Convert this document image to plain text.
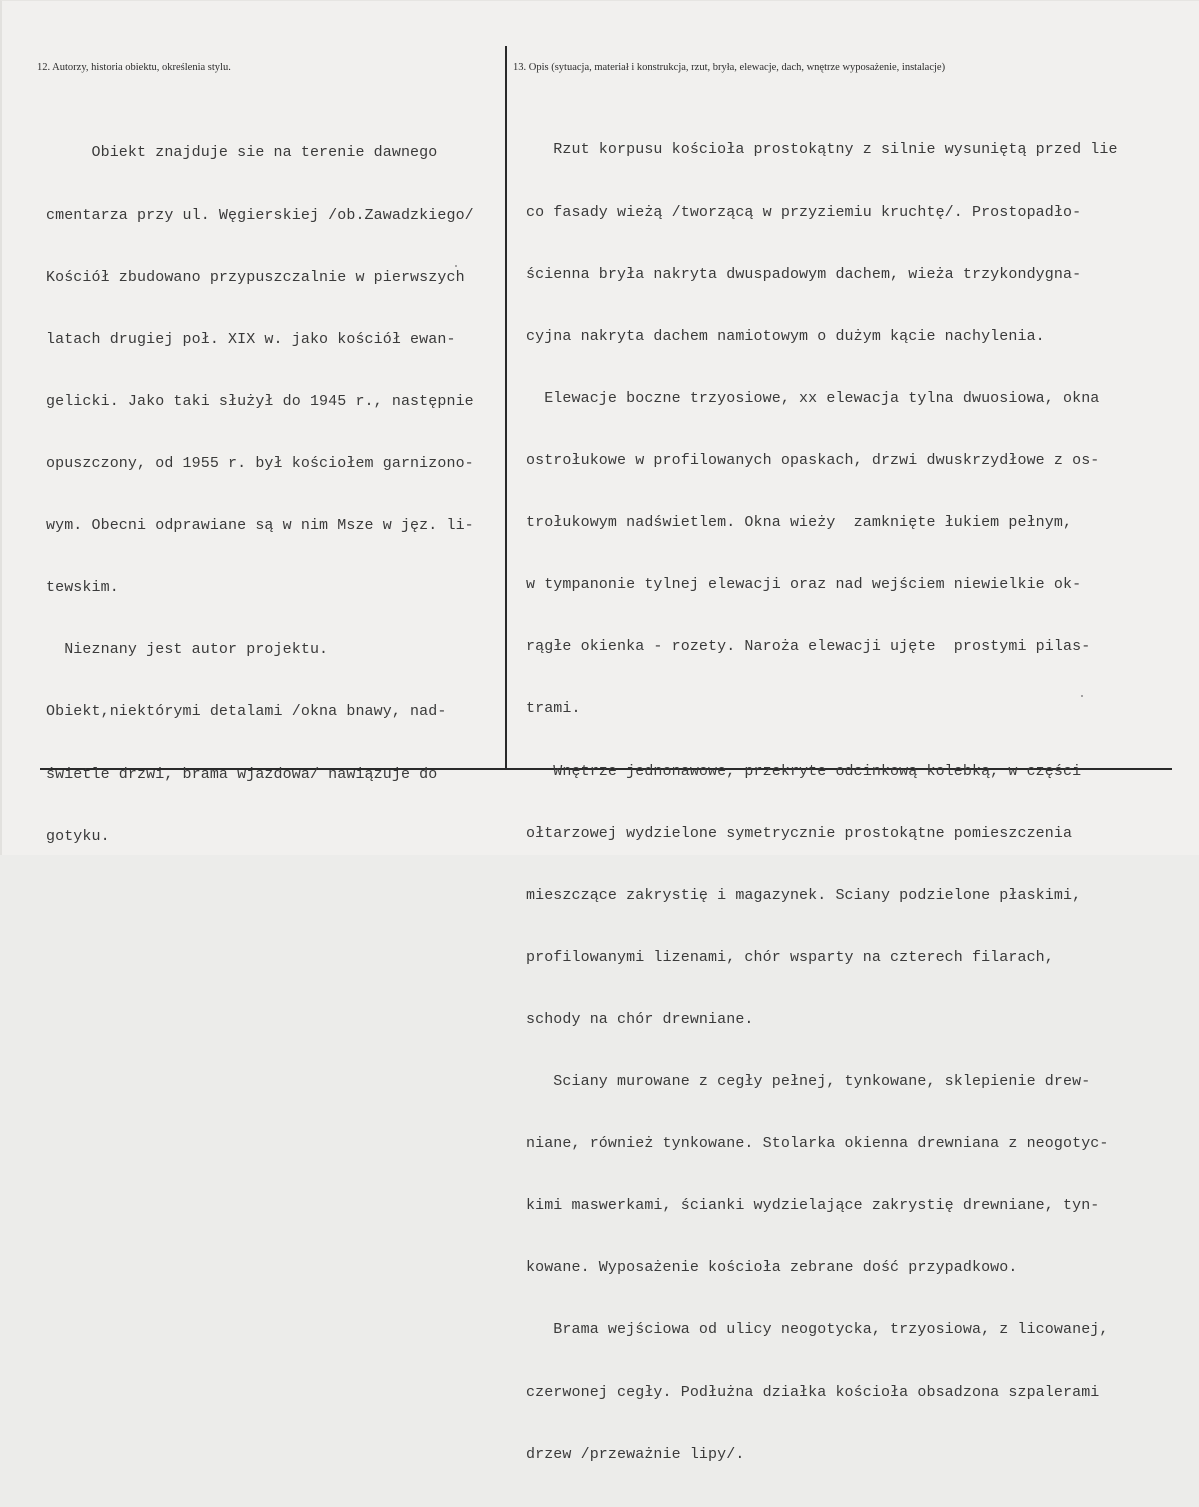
12. Autorzy, historia obiektu, określenia stylu.	13. Opis (sytuacja, materiał i konstrukcja, rzut, bryła, elewacje, dach, wnętrze wyposażenie, instalacje)

Obiekt znajduje sie na terenie dawnego

cmentarza przy ul. Węgierskiej /ob.Zawadzkiego/

Kościół zbudowano przypuszczalnie w pierwszych

latach drugiej poł. XIX w. jako kościół ewan-

gelicki. Jako taki służył do 1945 r., następnie

opuszczony, od 1955 r. był kościołem garnizono-

wym. Obecni odprawiane są w nim Msze w jęz. li-

tewskim.

Nieznany jest autor projektu.

Obiekt,niektórymi detalami /okna bnawy, nad-

świetle drzwi, brama wjazdowa/ nawiązuje do

gotyku.

Rzut korpusu kościoła prostokątny z silnie wysuniętą przed lie

co fasady wieżą /tworzącą w przyziemiu kruchtę/. Prostopadło-

ścienna bryła nakryta dwuspadowym dachem, wieża trzykondygna-

cyjna nakryta dachem namiotowym o dużym kącie nachylenia.

Elewacje boczne trzyosiowe, xx elewacja tylna dwuosiowa, okna

ostrołukowe w profilowanych opaskach, drzwi dwuskrzydłowe z os-

trołukowym nadświetlem. Okna wieży  zamknięte łukiem pełnym,

w tympanonie tylnej elewacji oraz nad wejściem niewielkie ok-

rągłe okienka - rozety. Naroża elewacji ujęte  prostymi pilas-

trami.

Wnętrze jednonawowe, przekryte odcinkową kolebką, w części

ołtarzowej wydzielone symetrycznie prostokątne pomieszczenia

mieszczące zakrystię i magazynek. Sciany podzielone płaskimi,

profilowanymi lizenami, chór wsparty na czterech filarach,

schody na chór drewniane.

Sciany murowane z cegły pełnej, tynkowane, sklepienie drew-

niane, również tynkowane. Stolarka okienna drewniana z neogotyc-

kimi maswerkami, ścianki wydzielające zakrystię drewniane, tyn-

kowane. Wyposażenie kościoła zebrane dość przypadkowo.

Brama wejściowa od ulicy neogotycka, trzyosiowa, z licowanej,

czerwonej cegły. Podłużna działka kościoła obsadzona szpalerami

drzew /przeważnie lipy/.
